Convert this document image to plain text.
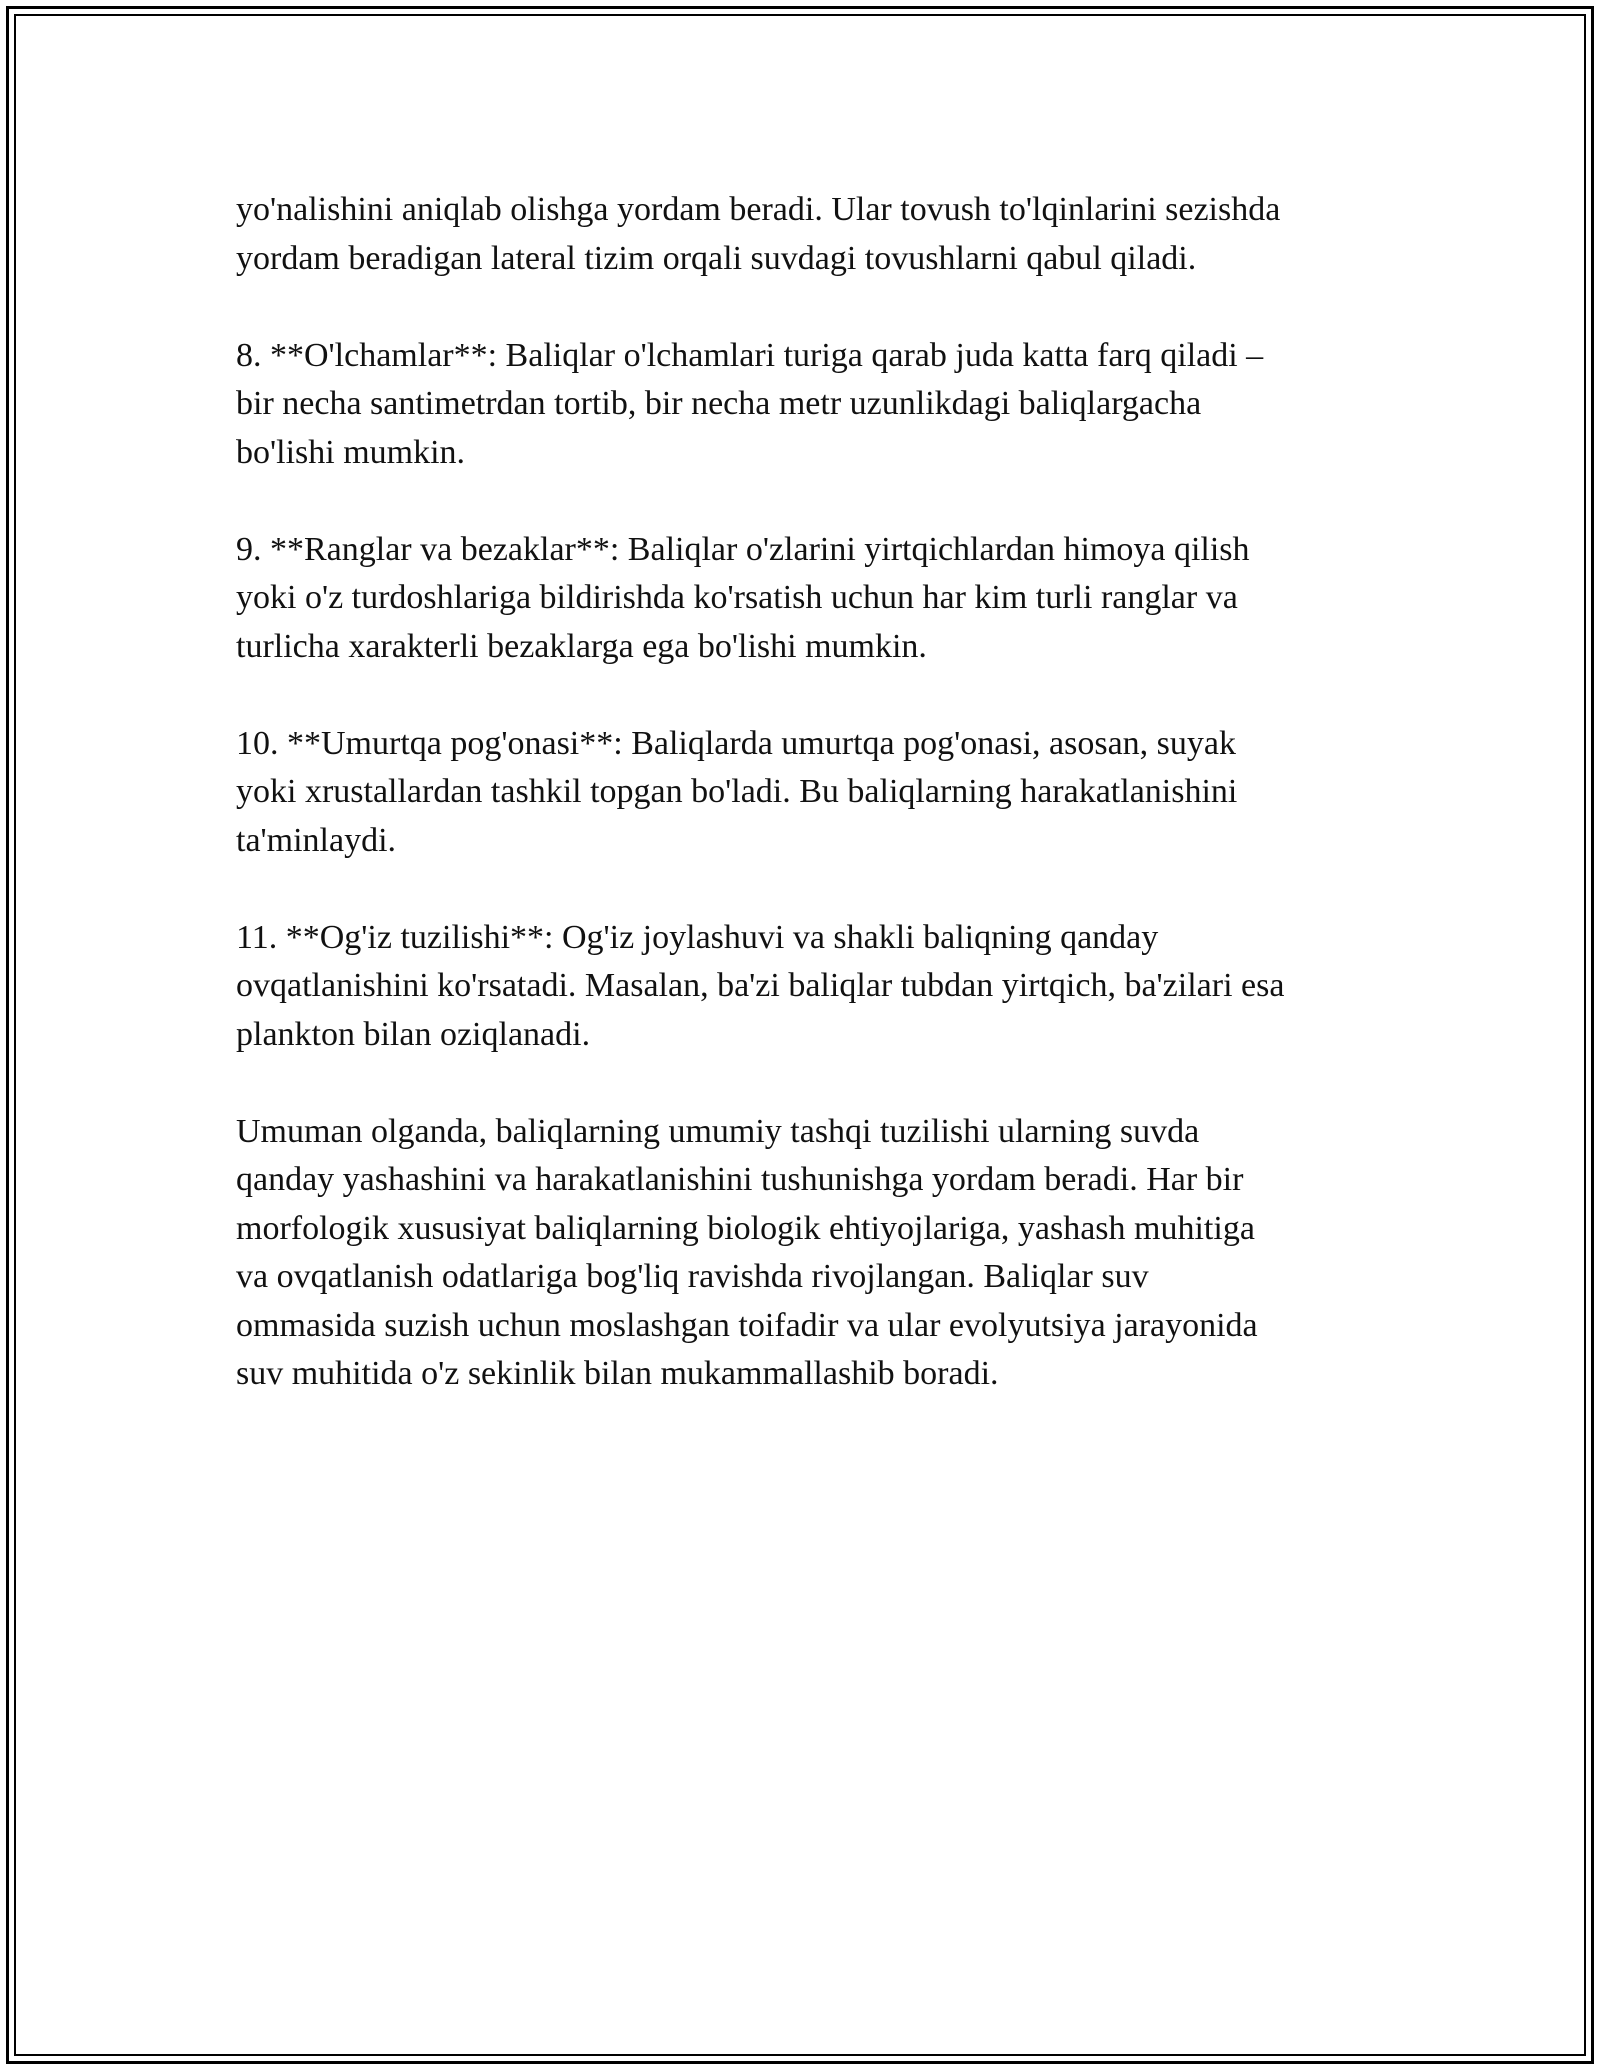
yo'nalishini aniqlab olishga yordam beradi. Ular tovush to'lqinlarini sezishda
yordam beradigan lateral tizim orqali suvdagi tovushlarni qabul qiladi.

8. **O'lchamlar**: Baliqlar o'lchamlari turiga qarab juda katta farq qiladi –
bir necha santimetrdan tortib, bir necha metr uzunlikdagi baliqlargacha
bo'lishi mumkin.

9. **Ranglar va bezaklar**: Baliqlar o'zlarini yirtqichlardan himoya qilish
yoki o'z turdoshlariga bildirishda ko'rsatish uchun har kim turli ranglar va
turlicha xarakterli bezaklarga ega bo'lishi mumkin.

10. **Umurtqa pog'onasi**: Baliqlarda umurtqa pog'onasi, asosan, suyak
yoki xrustallardan tashkil topgan bo'ladi. Bu baliqlarning harakatlanishini
ta'minlaydi.

11. **Og'iz tuzilishi**: Og'iz joylashuvi va shakli baliqning qanday
ovqatlanishini ko'rsatadi. Masalan, ba'zi baliqlar tubdan yirtqich, ba'zilari esa
plankton bilan oziqlanadi.

Umuman olganda, baliqlarning umumiy tashqi tuzilishi ularning suvda
qanday yashashini va harakatlanishini tushunishga yordam beradi. Har bir
morfologik xususiyat baliqlarning biologik ehtiyojlariga, yashash muhitiga
va ovqatlanish odatlariga bog'liq ravishda rivojlangan. Baliqlar suv
ommasida suzish uchun moslashgan toifadir va ular evolyutsiya jarayonida
suv muhitida o'z sekinlik bilan mukammallashib boradi.
